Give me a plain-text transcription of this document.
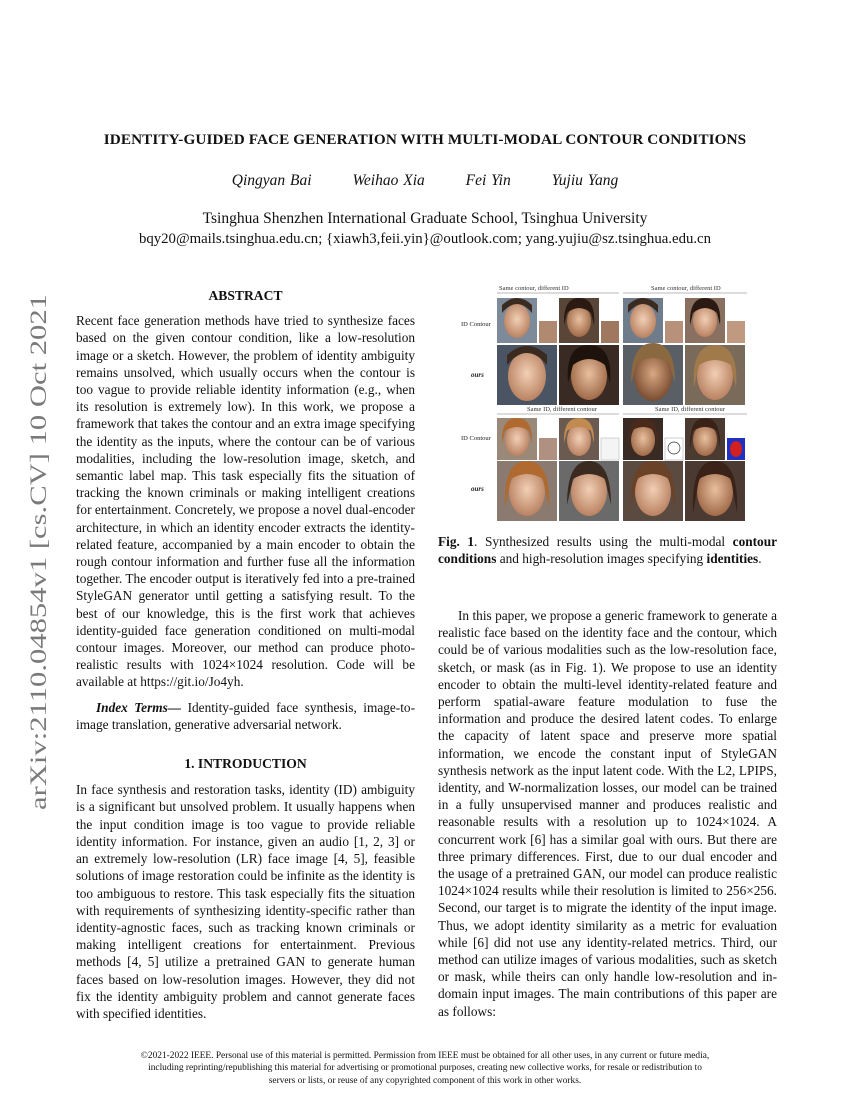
arXiv:2110.04854v1 [cs.CV] 10 Oct 2021
IDENTITY-GUIDED FACE GENERATION WITH MULTI-MODAL CONTOUR CONDITIONS
Qingyan Bai	Weihao Xia	Fei Yin	Yujiu Yang
Tsinghua Shenzhen International Graduate School, Tsinghua University
bqy20@mails.tsinghua.edu.cn; {xiawh3,feii.yin}@outlook.com; yang.yujiu@sz.tsinghua.edu.cn
ABSTRACT

Recent face generation methods have tried to synthesize faces based on the given contour condition, like a low-resolution image or a sketch. However, the problem of identity ambiguity remains unsolved, which usually occurs when the contour is too vague to provide reliable identity information (e.g., when its resolution is extremely low). In this work, we propose a framework that takes the contour and an extra image specifying the identity as the inputs, where the contour can be of various modalities, including the low-resolution image, sketch, and semantic label map. This task especially fits the situation of tracking the known criminals or making intelligent creations for entertainment. Concretely, we propose a novel dual-encoder architecture, in which an identity encoder extracts the identity-related feature, accompanied by a main encoder to obtain the rough contour information and further fuse all the information together. The encoder output is iteratively fed into a pre-trained StyleGAN generator until getting a satisfying result. To the best of our knowledge, this is the first work that achieves identity-guided face generation conditioned on multi-modal contour images. Moreover, our method can produce photo-realistic results with 1024×1024 resolution. Code will be available at https://git.io/Jo4yh.

Index Terms— Identity-guided face synthesis, image-to-image translation, generative adversarial network.

1. INTRODUCTION

In face synthesis and restoration tasks, identity (ID) ambiguity is a significant but unsolved problem. It usually happens when the input condition image is too vague to provide reliable identity information. For instance, given an audio [1, 2, 3] or an extremely low-resolution (LR) face image [4, 5], feasible solutions of image restoration could be infinite as the identity is too ambiguous to restore. This task especially fits the situation with requirements of synthesizing identity-specific rather than identity-agnostic faces, such as tracking known criminals or making intelligent creations for entertainment. Previous methods [4, 5] utilize a pretrained GAN to generate human faces based on low-resolution images. However, they did not fix the identity ambiguity problem and cannot generate faces with specified identities.

Same contour, different ID	Same contour, different ID
ID Contour
ours
Same ID, different contour	Same ID, different contour
ID Contour
ours
Fig. 1. Synthesized results using the multi-modal contour conditions and high-resolution images specifying identities.

In this paper, we propose a generic framework to generate a realistic face based on the identity face and the contour, which could be of various modalities such as the low-resolution face, sketch, or mask (as in Fig. 1). We propose to use an identity encoder to obtain the multi-level identity-related feature and perform spatial-aware feature modulation to fuse the information and produce the desired latent codes. To enlarge the capacity of latent space and preserve more spatial information, we encode the constant input of StyleGAN synthesis network as the input latent code. With the L2, LPIPS, identity, and W-normalization losses, our model can be trained in a fully unsupervised manner and produces realistic and reasonable results with a resolution up to 1024×1024. A concurrent work [6] has a similar goal with ours. But there are three primary differences. First, due to our dual encoder and the usage of a pretrained GAN, our model can produce realistic 1024×1024 results while their resolution is limited to 256×256. Second, our target is to migrate the identity of the input image. Thus, we adopt identity similarity as a metric for evaluation while [6] did not use any identity-related metrics. Third, our method can utilize images of various modalities, such as sketch or mask, while theirs can only handle low-resolution and in-domain input images. The main contributions of this paper are as follows:

©2021-2022 IEEE. Personal use of this material is permitted. Permission from IEEE must be obtained for all other uses, in any current or future media, including reprinting/republishing this material for advertising or promotional purposes, creating new collective works, for resale or redistribution to servers or lists, or reuse of any copyrighted component of this work in other works.
